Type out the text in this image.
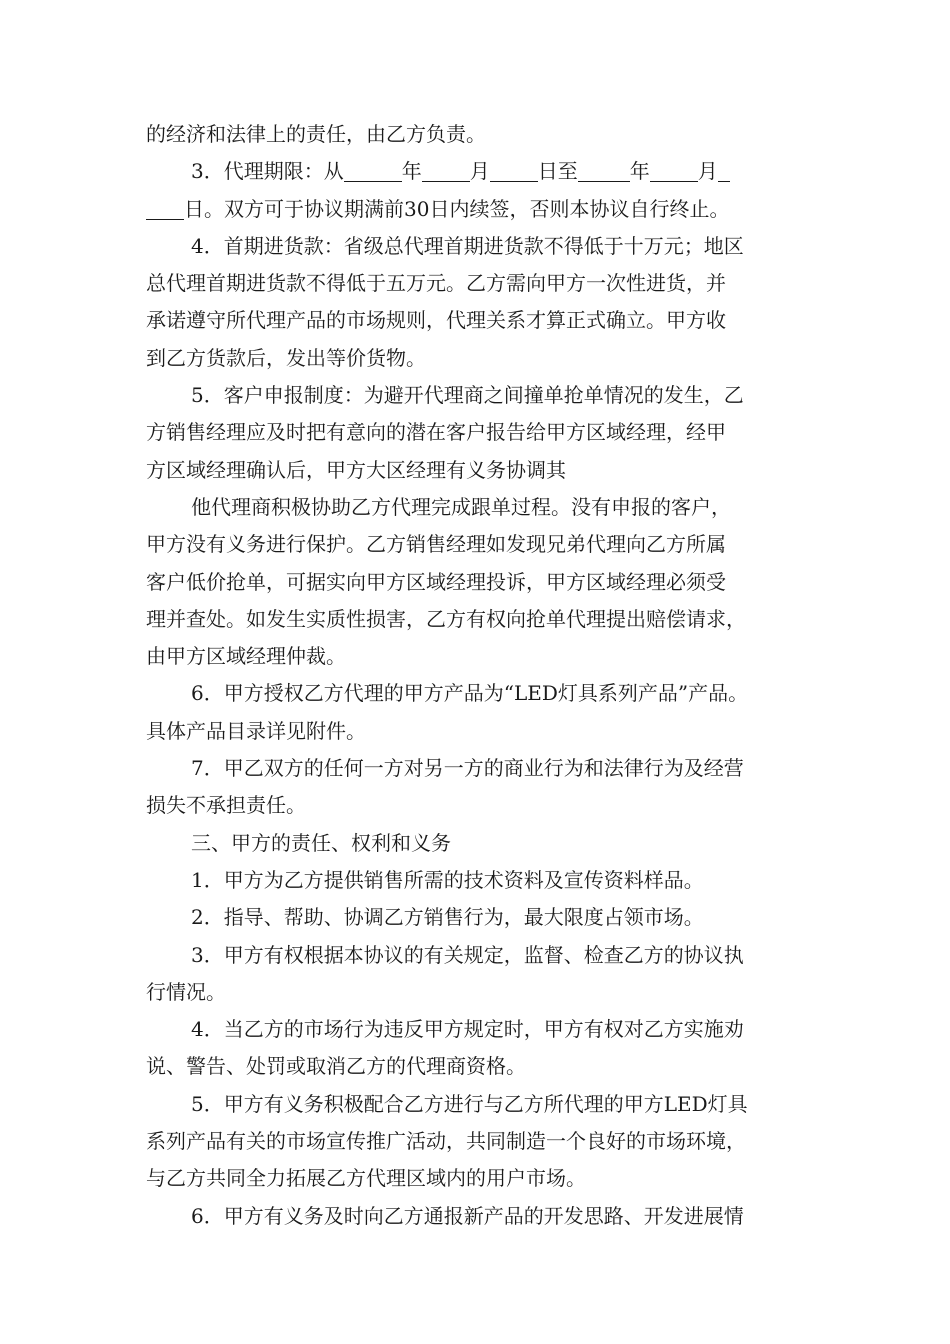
的经济和法律上的责任，由乙方负责。
3．代理期限：从	年 月 日至	年 月
日。双方可于协议期满前30日内续签，否则本协议自行终止。
4．首期进货款：省级总代理首期进货款不得低于十万元；地区
总代理首期进货款不得低于五万元。乙方需向甲方一次性进货，并
承诺遵守所代理产品的市场规则，代理关系才算正式确立。甲方收
到乙方货款后，发出等价货物。
5．客户申报制度：为避开代理商之间撞单抢单情况的发生，乙
方销售经理应及时把有意向的潜在客户报告给甲方区域经理，经甲
方区域经理确认后，甲方大区经理有义务协调其
他代理商积极协助乙方代理完成跟单过程。没有申报的客户，
甲方没有义务进行保护。乙方销售经理如发现兄弟代理向乙方所属
客户低价抢单，可据实向甲方区域经理投诉，甲方区域经理必须受
理并查处。如发生实质性损害，乙方有权向抢单代理提出赔偿请求，
由甲方区域经理仲裁。
6．甲方授权乙方代理的甲方产品为“LED灯具系列产品”产品。
具体产品目录详见附件。
7．甲乙双方的任何一方对另一方的商业行为和法律行为及经营
损失不承担责任。
三、甲方的责任、权利和义务
1．甲方为乙方提供销售所需的技术资料及宣传资料样品。
2．指导、帮助、协调乙方销售行为，最大限度占领市场。
3．甲方有权根据本协议的有关规定，监督、检查乙方的协议执
行情况。
4．当乙方的市场行为违反甲方规定时，甲方有权对乙方实施劝
说、警告、处罚或取消乙方的代理商资格。
5．甲方有义务积极配合乙方进行与乙方所代理的甲方LED灯具
系列产品有关的市场宣传推广活动，共同制造一个良好的市场环境，
与乙方共同全力拓展乙方代理区域内的用户市场。
6．甲方有义务及时向乙方通报新产品的开发思路、开发进展情
